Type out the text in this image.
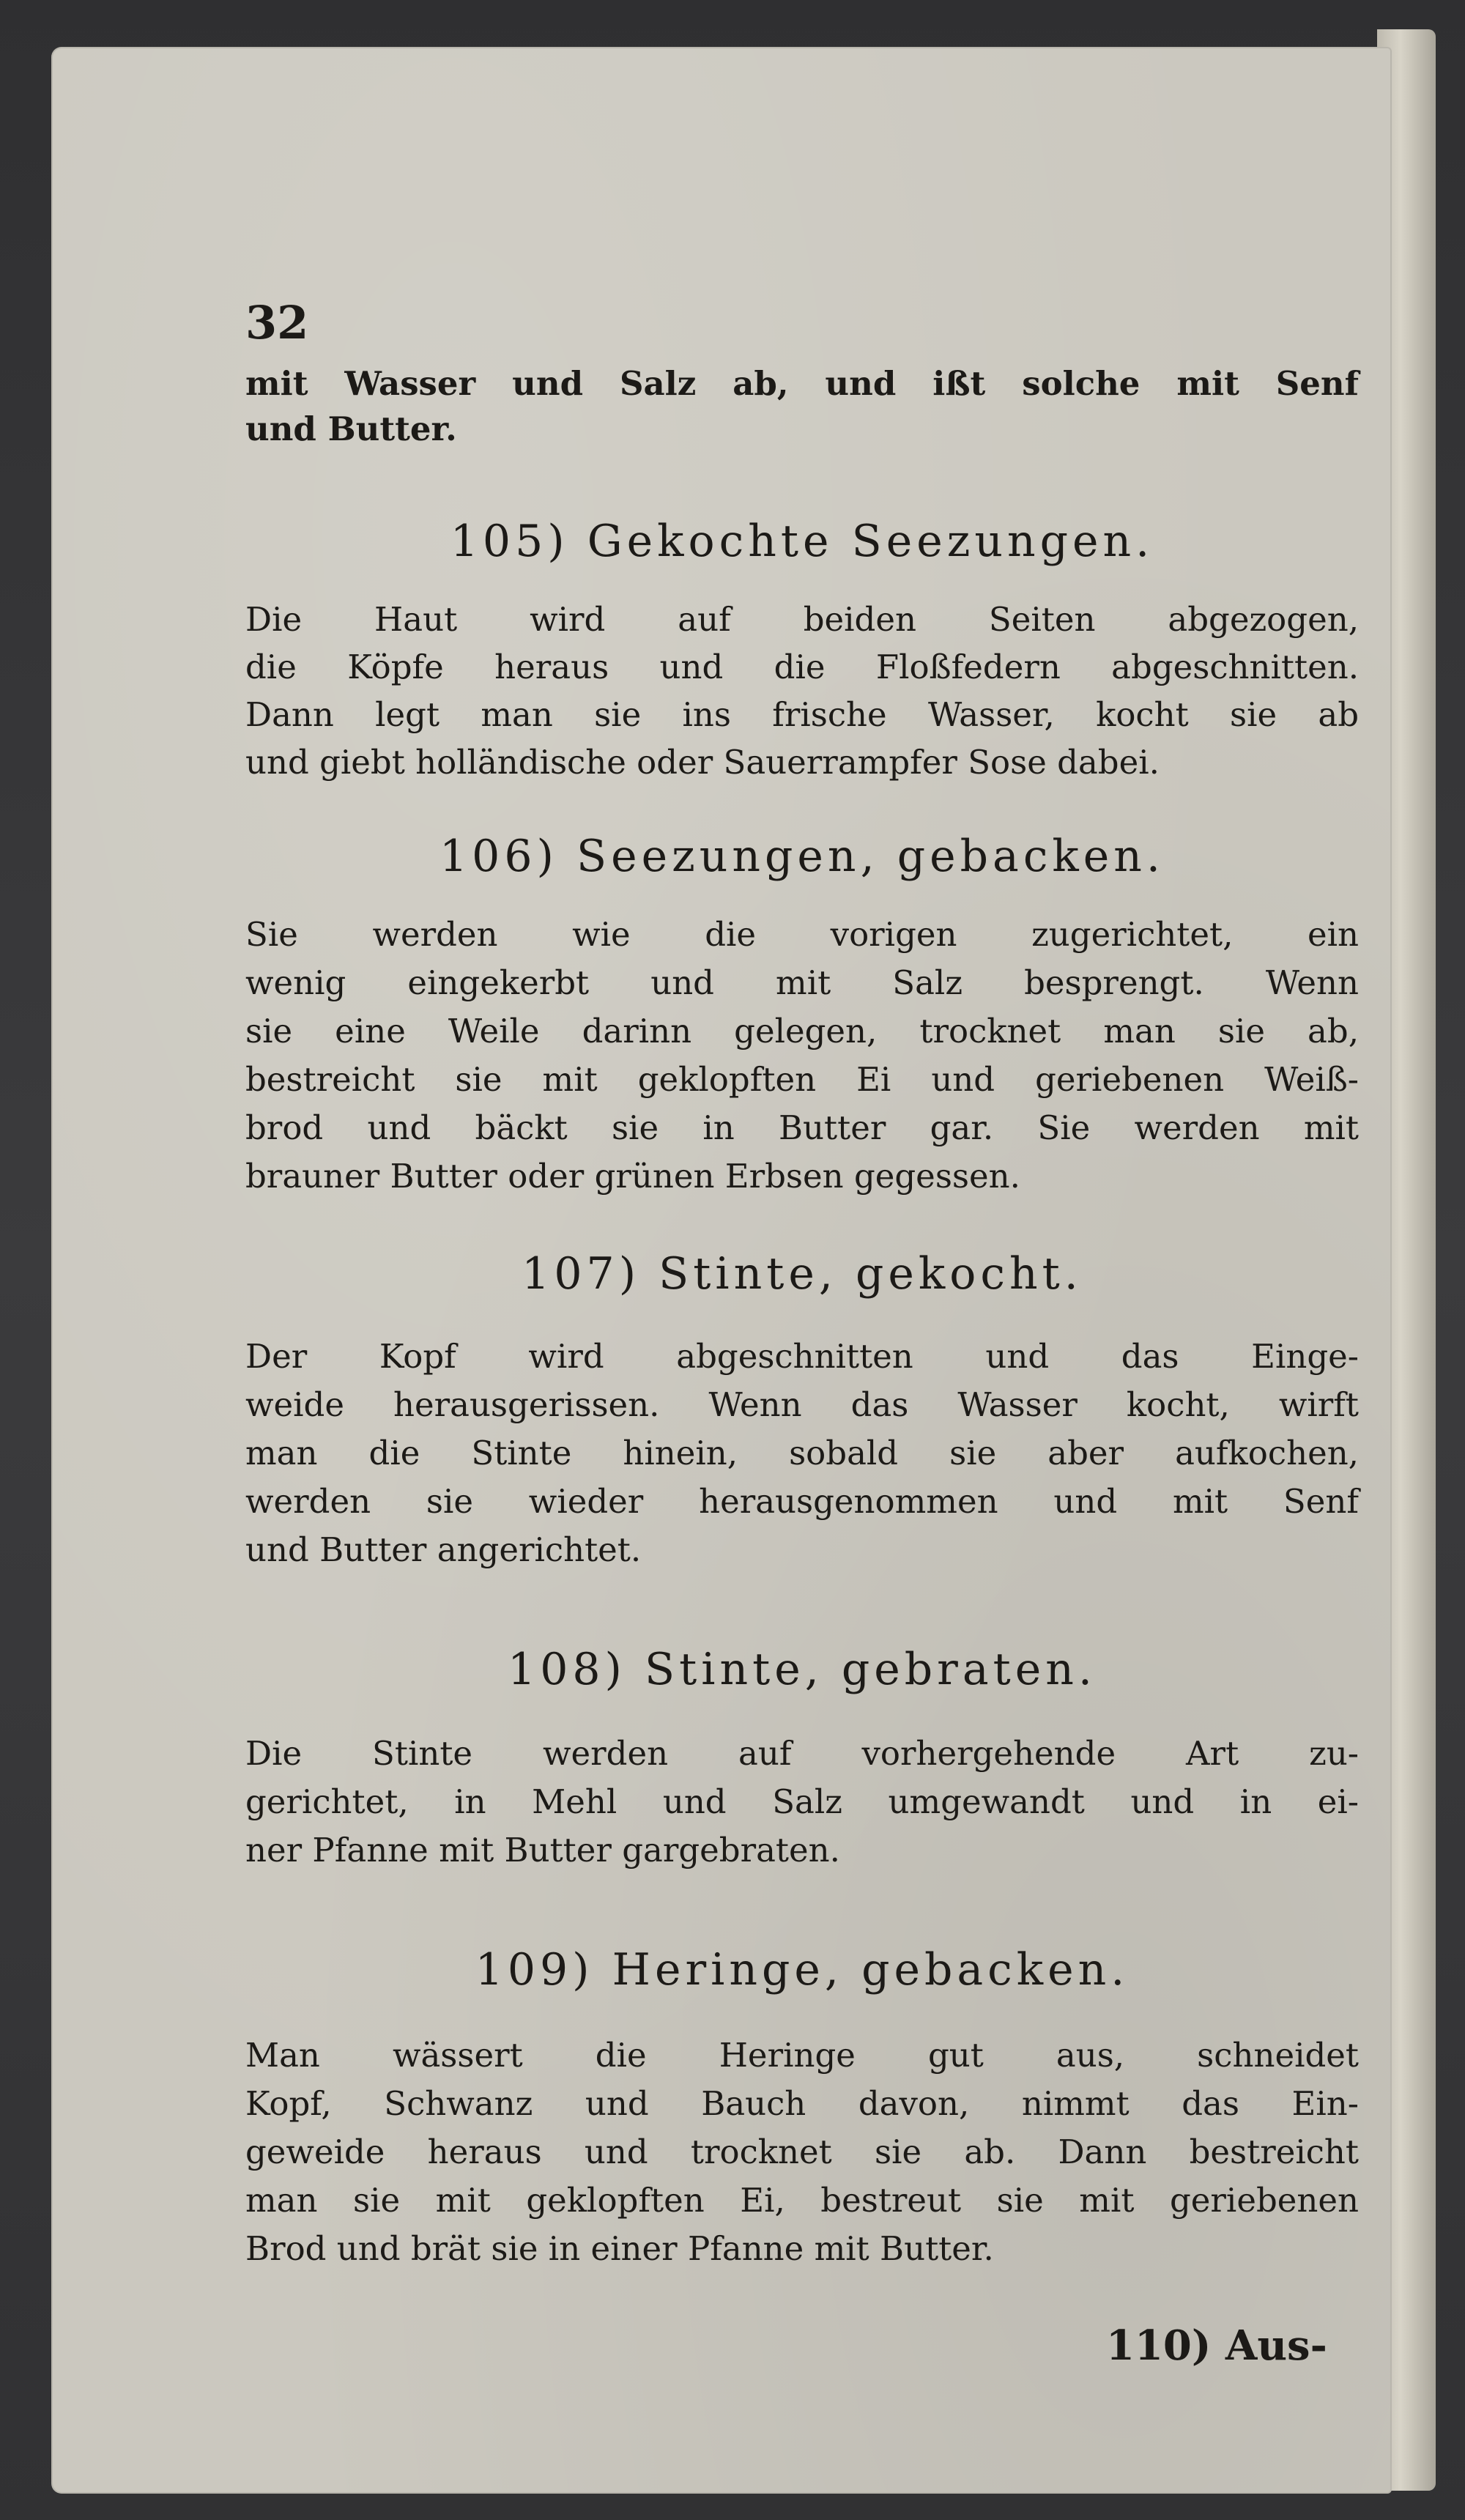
32
mit Wasser und Salz ab, und ißt solche mit Senf
und Butter.
105) Gekochte Seezungen.
Die Haut wird auf beiden Seiten abgezogen,
die Köpfe heraus und die Floßfedern abgeschnitten.
Dann legt man sie ins frische Wasser, kocht sie ab
und giebt holländische oder Sauerrampfer Sose dabei.
106) Seezungen, gebacken.
Sie werden wie die vorigen zugerichtet, ein
wenig eingekerbt und mit Salz besprengt. Wenn
sie eine Weile darinn gelegen, trocknet man sie ab,
bestreicht sie mit geklopften Ei und geriebenen Weiß-
brod und bäckt sie in Butter gar. Sie werden mit
brauner Butter oder grünen Erbsen gegessen.
107) Stinte, gekocht.
Der Kopf wird abgeschnitten und das Einge-
weide herausgerissen. Wenn das Wasser kocht, wirft
man die Stinte hinein, sobald sie aber aufkochen,
werden sie wieder herausgenommen und mit Senf
und Butter angerichtet.
108) Stinte, gebraten.
Die Stinte werden auf vorhergehende Art zu-
gerichtet, in Mehl und Salz umgewandt und in ei-
ner Pfanne mit Butter gargebraten.
109) Heringe, gebacken.
Man wässert die Heringe gut aus, schneidet
Kopf, Schwanz und Bauch davon, nimmt das Ein-
geweide heraus und trocknet sie ab. Dann bestreicht
man sie mit geklopften Ei, bestreut sie mit geriebenen
Brod und brät sie in einer Pfanne mit Butter.
110) Aus-
